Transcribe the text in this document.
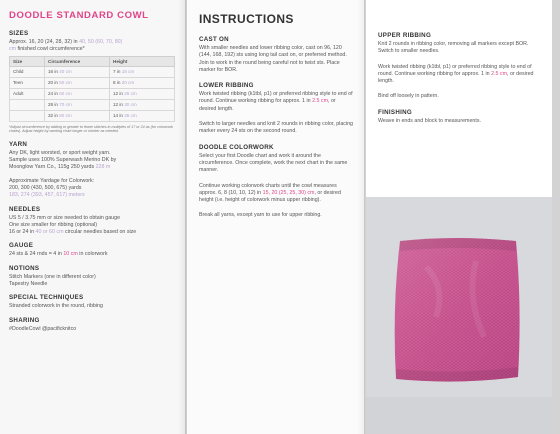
DOODLE STANDARD COWL
SIZES

Approx. 16, 20 (24, 28, 32) in 40, 50 (60, 70, 80)
cm finished cowl circumference*

Size	Circumference	Height
Child	16 in 40 cm	7 in 18 cm
Teen	20 in 50 cm	8 in 20 cm
Adult	24 in 60 cm	12 in 25 cm
	28 in 70 cm	12 in 30 cm
	32 in 80 cm	14 in 35 cm

*Adjust circumference by adding or greater to fewer stitches in multiples of 17 or 24 as (for colorwork charts). Adjust height by working chart longer or shorter as needed.

YARN

Any DK, light worsted, or sport weight yarn.
Sample uses 100% Superwash Merino DK by
Moonglow Yarn Co., 115g 250 yards 228 m

Approximate Yardage for Colorwork:
200, 300 (430, 500, 675) yards
183, 274 (393, 457, 617) meters

NEEDLES

US 5 / 3.75 mm or size needed to obtain gauge
One size smaller for ribbing (optional)
16 or 24 in 40 or 60 cm circular needles based on size

GAUGE

24 sts & 24 rnds = 4 in 10 cm in colorwork

NOTIONS

Stitch Markers (one in different color)
Tapestry Needle

SPECIAL TECHNIQUES

Stranded colorwork in the round, ribbing

SHARING

#DoodleCowl @pacificknitco

INSTRUCTIONS
CAST ON

With smaller needles and lower ribbing color, cast on 96, 120 (144, 168, 192) sts using long tail cast on, or preferred method. Join to work in the round being careful not to twist sts. Place marker for BOR.

LOWER RIBBING

Work twisted ribbing (k1tbl, p1) or preferred ribbing style to end of round. Continue working ribbing for approx. 1 in 2.5 cm, or desired length.

Switch to larger needles and knit 2 rounds in ribbing color, placing marker every 24 sts on the second round.

DOODLE COLORWORK

Select your first Doodle chart and work it around the circumference. Once complete, work the next chart in the same manner.

Continue working colorwork charts until the cowl measures approx. 6, 8 (10, 10, 12) in 15, 20 (25, 25, 30) cm, or desired height (i.e. height of colorwork minus upper ribbing).

Break all yarns, except yarn to use for upper ribbing.

UPPER RIBBING

Knit 2 rounds in ribbing color, removing all markers except BOR. Switch to smaller needles.

Work twisted ribbing (k1tbl, p1) or preferred ribbing style to end of round. Continue working ribbing for approx. 1 in 2.5 cm, or desired length.

Bind off loosely in pattern.

FINISHING

Weave in ends and block to measurements.
